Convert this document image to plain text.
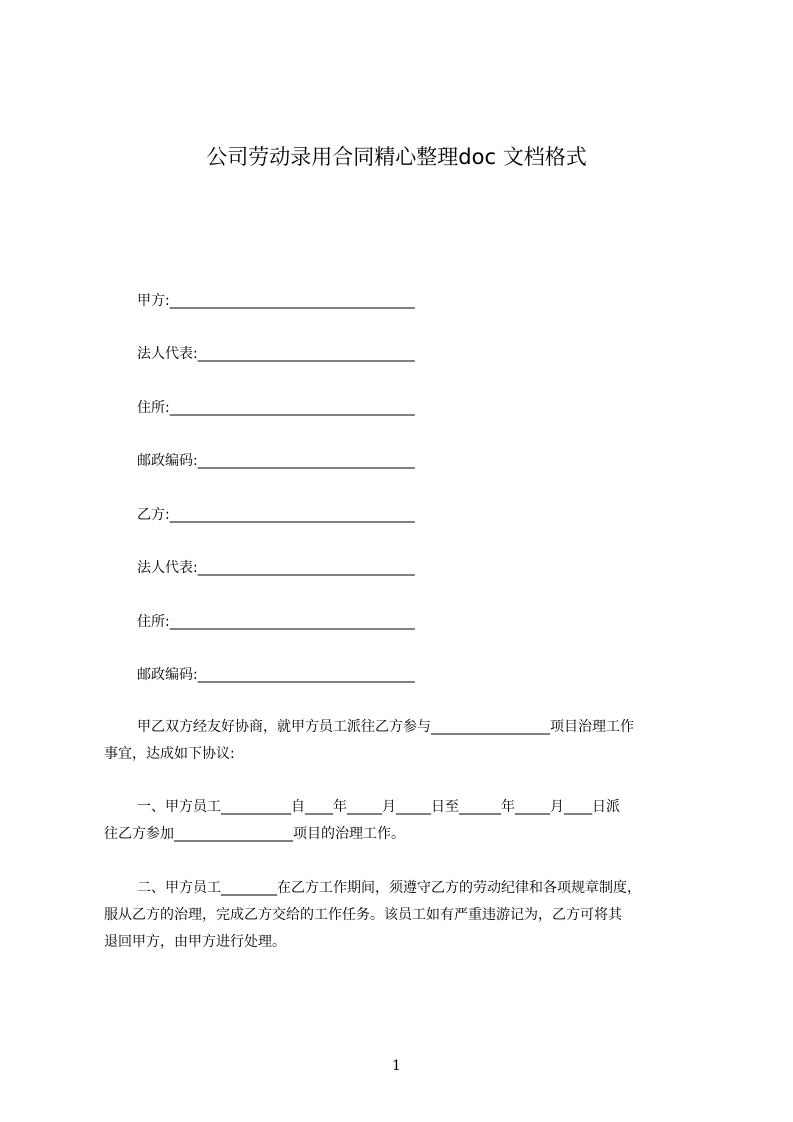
公司劳动录用合同精心整理doc 文档格式
甲方:___________________________________
法人代表:_______________________________
住所:___________________________________
邮政编码:_______________________________
乙方:___________________________________
法人代表:_______________________________
住所:___________________________________
邮政编码:_______________________________

甲乙双方经友好协商，就甲方员工派往乙方参与_________________项目治理工作

事宜，达成如下协议:

一、甲方员工__________自____年_____月_____日至______年_____月____日派

往乙方参加_________________项目的治理工作。

二、甲方员工________在乙方工作期间，须遵守乙方的劳动纪律和各项规章制度，

服从乙方的治理，完成乙方交给的工作任务。该员工如有严重违游记为，乙方可将其

退回甲方，由甲方进行处理。

1
